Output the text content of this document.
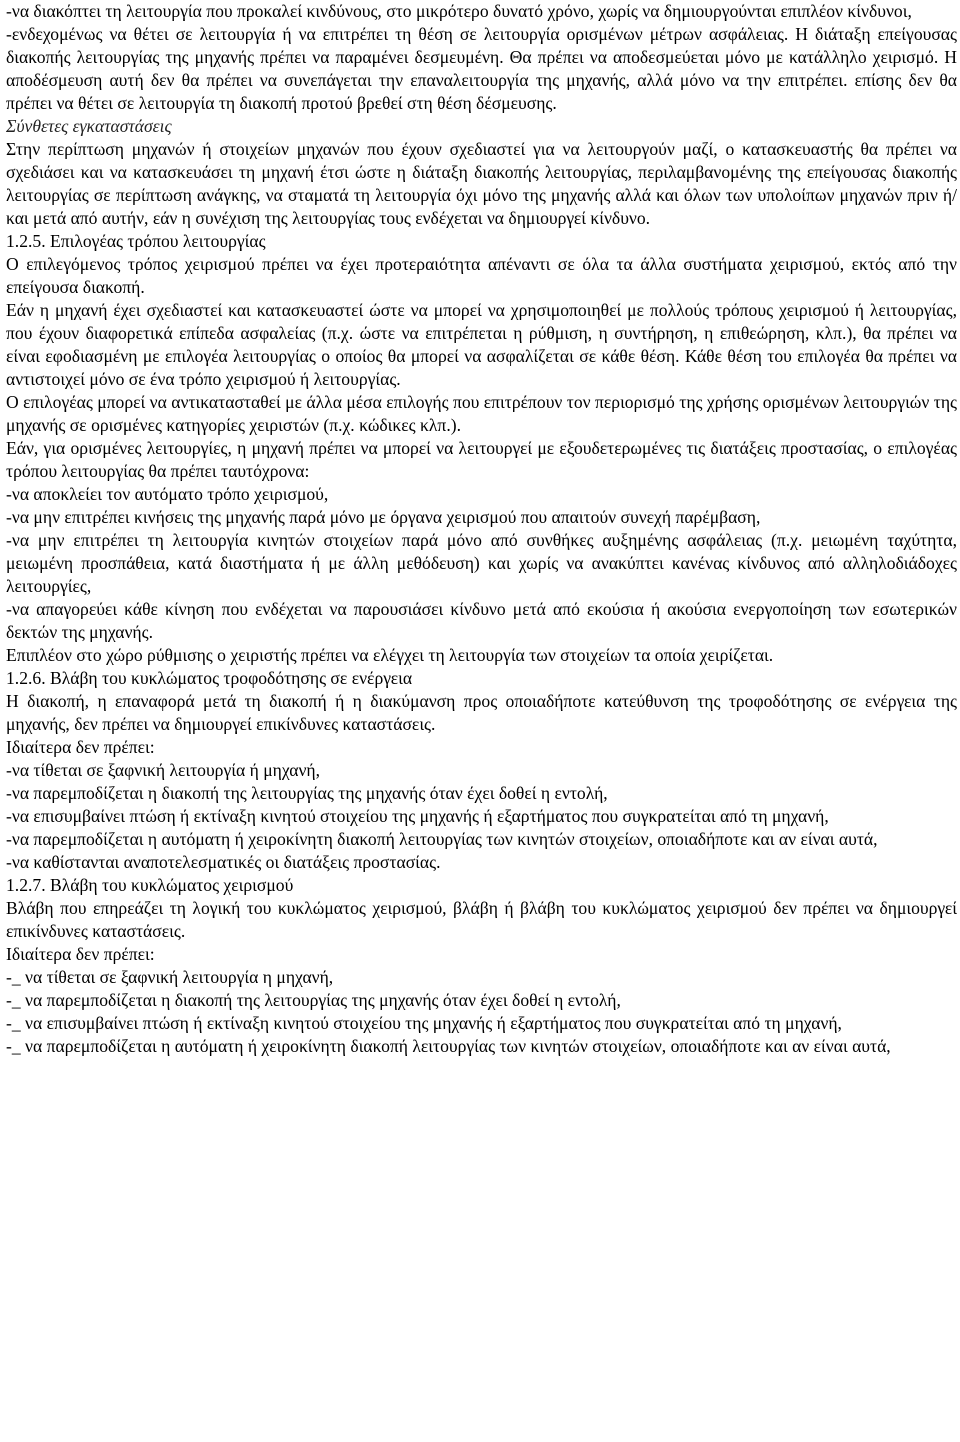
-να διακόπτει τη λειτουργία που προκαλεί κινδύνους, στο μικρότερο δυνατό χρόνο, χωρίς να δημιουργούνται επιπλέον κίνδυνοι,

-ενδεχομένως να θέτει σε λειτουργία ή να επιτρέπει τη θέση σε λειτουργία ορισμένων μέτρων ασφάλειας. Η διάταξη επείγουσας διακοπής λειτουργίας της μηχανής πρέπει να παραμένει δεσμευμένη. Θα πρέπει να αποδεσμεύεται μόνο με κατάλληλο χειρισμό. Η αποδέσμευση αυτή δεν θα πρέπει να συνεπάγεται την επαναλειτουργία της μηχανής, αλλά μόνο να την επιτρέπει. επίσης δεν θα πρέπει να θέτει σε λειτουργία τη διακοπή προτού βρεθεί στη θέση δέσμευσης.

Σύνθετες εγκαταστάσεις

Στην περίπτωση μηχανών ή στοιχείων μηχανών που έχουν σχεδιαστεί για να λειτουργούν μαζί, ο κατασκευαστής θα πρέπει να σχεδιάσει και να κατασκευάσει τη μηχανή έτσι ώστε η διάταξη διακοπής λειτουργίας, περιλαμβανομένης της επείγουσας διακοπής λειτουργίας σε περίπτωση ανάγκης, να σταματά τη λειτουργία όχι μόνο της μηχανής αλλά και όλων των υπολοίπων μηχανών πριν ή/και μετά από αυτήν, εάν η συνέχιση της λειτουργίας τους ενδέχεται να δημιουργεί κίνδυνο.

1.2.5. Επιλογέας τρόπου λειτουργίας

Ο επιλεγόμενος τρόπος χειρισμού πρέπει να έχει προτεραιότητα απέναντι σε όλα τα άλλα συστήματα χειρισμού, εκτός από την επείγουσα διακοπή.

Εάν η μηχανή έχει σχεδιαστεί και κατασκευαστεί ώστε να μπορεί να χρησιμοποιηθεί με πολλούς τρόπους χειρισμού ή λειτουργίας, που έχουν διαφορετικά επίπεδα ασφαλείας (π.χ. ώστε να επιτρέπεται η ρύθμιση, η συντήρηση, η επιθεώρηση, κλπ.), θα πρέπει να είναι εφοδιασμένη με επιλογέα λειτουργίας ο οποίος θα μπορεί να ασφαλίζεται σε κάθε θέση. Κάθε θέση του επιλογέα θα πρέπει να αντιστοιχεί μόνο σε ένα τρόπο χειρισμού ή λειτουργίας.

Ο επιλογέας μπορεί να αντικατασταθεί με άλλα μέσα επιλογής που επιτρέπουν τον περιορισμό της χρήσης ορισμένων λειτουργιών της μηχανής σε ορισμένες κατηγορίες χειριστών (π.χ. κώδικες κλπ.).

Εάν, για ορισμένες λειτουργίες, η μηχανή πρέπει να μπορεί να λειτουργεί με εξουδετερωμένες τις διατάξεις προστασίας, ο επιλογέας τρόπου λειτουργίας θα πρέπει ταυτόχρονα:

-να αποκλείει τον αυτόματο τρόπο χειρισμού,

-να μην επιτρέπει κινήσεις της μηχανής παρά μόνο με όργανα χειρισμού που απαιτούν συνεχή παρέμβαση,

-να μην επιτρέπει τη λειτουργία κινητών στοιχείων παρά μόνο από συνθήκες αυξημένης ασφάλειας (π.χ. μειωμένη ταχύτητα, μειωμένη προσπάθεια, κατά διαστήματα ή με άλλη μεθόδευση) και χωρίς να ανακύπτει κανένας κίνδυνος από αλληλοδιάδοχες λειτουργίες,

-να απαγορεύει κάθε κίνηση που ενδέχεται να παρουσιάσει κίνδυνο μετά από εκούσια ή ακούσια ενεργοποίηση των εσωτερικών δεκτών της μηχανής.

Επιπλέον στο χώρο ρύθμισης ο χειριστής πρέπει να ελέγχει τη λειτουργία των στοιχείων τα οποία χειρίζεται.

1.2.6. Βλάβη του κυκλώματος τροφοδότησης σε ενέργεια

Η διακοπή, η επαναφορά μετά τη διακοπή ή η διακύμανση προς οποιαδήποτε κατεύθυνση της τροφοδότησης σε ενέργεια της μηχανής, δεν πρέπει να δημιουργεί επικίνδυνες καταστάσεις.

Ιδιαίτερα δεν πρέπει:

-να τίθεται σε ξαφνική λειτουργία ή μηχανή,

-να παρεμποδίζεται η διακοπή της λειτουργίας της μηχανής όταν έχει δοθεί η εντολή,

-να επισυμβαίνει πτώση ή εκτίναξη κινητού στοιχείου της μηχανής ή εξαρτήματος που συγκρατείται από τη μηχανή,

-να παρεμποδίζεται η αυτόματη ή χειροκίνητη διακοπή λειτουργίας των κινητών στοιχείων, οποιαδήποτε και αν είναι αυτά,

-να καθίστανται αναποτελεσματικές οι διατάξεις προστασίας.

1.2.7. Βλάβη του κυκλώματος χειρισμού

Βλάβη που επηρεάζει τη λογική του κυκλώματος χειρισμού, βλάβη ή βλάβη του κυκλώματος χειρισμού δεν πρέπει να δημιουργεί επικίνδυνες καταστάσεις.

Ιδιαίτερα δεν πρέπει:

-_ να τίθεται σε ξαφνική λειτουργία η μηχανή,

-_ να παρεμποδίζεται η διακοπή της λειτουργίας της μηχανής όταν έχει δοθεί η εντολή,

-_ να επισυμβαίνει πτώση ή εκτίναξη κινητού στοιχείου της μηχανής ή εξαρτήματος που συγκρατείται από τη μηχανή,

-_ να παρεμποδίζεται η αυτόματη ή χειροκίνητη διακοπή λειτουργίας των κινητών στοιχείων, οποιαδήποτε και αν είναι αυτά,
